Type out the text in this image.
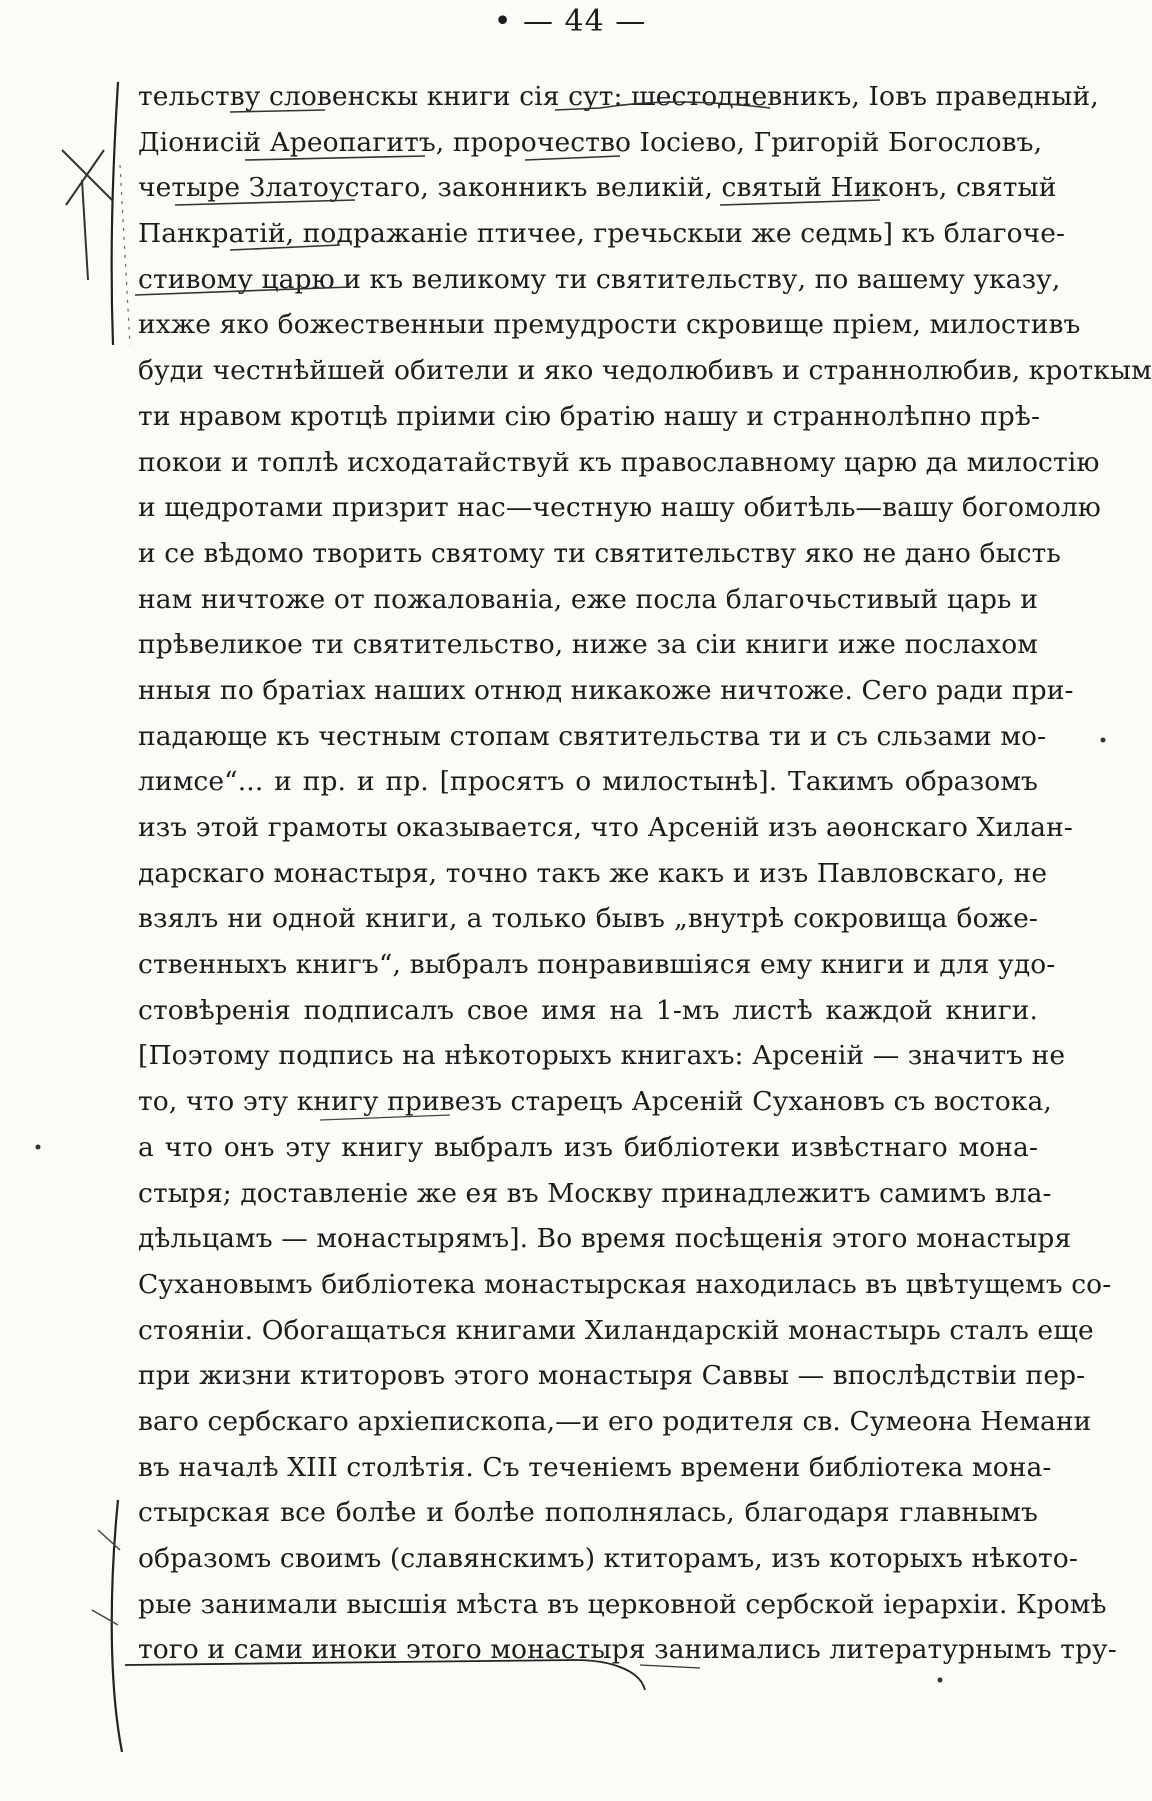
• — 44 —
тельству словенскы книги сія сут: шестодневникъ, Іовъ праведный,
Діонисій Ареопагитъ, пророчество Іосіево, Григорій Богословъ,
четыре Златоустаго, законникъ великій, святый Никонъ, святый
Панкратій, подражаніе птичее, гречьскыи же седмь] къ благоче-
стивому царю и къ великому ти святительству, по вашему указу,
ихже яко божественныи премудрости скровище пріем, милостивъ
буди честнѣйшей обители и яко чедолюбивъ и страннолюбив, кроткым
ти нравом кротцѣ пріими сію братію нашу и страннолѣпно прѣ-
покои и топлѣ исходатайствуй къ православному царю да милостію
и щедротами призрит нас—честную нашу обитѣль—вашу богомолю
и се вѣдомо творить святому ти святительству яко не дано бысть
нам ничтоже от пожалованіа, еже посла благочьстивый царь и
прѣвеликое ти святительство, ниже за сіи книги иже послахом
нныя по братіах наших отнюд никакоже ничтоже. Сего ради при-
падающе къ честным стопам святительства ти и съ сльзами мо-
лимсе“... и пр. и пр. [просятъ о милостынѣ]. Такимъ образомъ
изъ этой грамоты оказывается, что Арсеній изъ аѳонскаго Хилан-
дарскаго монастыря, точно такъ же какъ и изъ Павловскаго, не
взялъ ни одной книги, а только бывъ „внутрѣ сокровища боже-
ственныхъ книгъ“, выбралъ понравившіяся ему книги и для удо-
стовѣренія подписалъ свое имя на 1-мъ листѣ каждой книги.
[Поэтому подпись на нѣкоторыхъ книгахъ: Арсеній — значитъ не
то, что эту книгу привезъ старецъ Арсеній Сухановъ съ востока,
а что онъ эту книгу выбралъ изъ библіотеки извѣстнаго мона-
стыря; доставленіе же ея въ Москву принадлежитъ самимъ вла-
дѣльцамъ — монастырямъ]. Во время посѣщенія этого монастыря
Сухановымъ библіотека монастырская находилась въ цвѣтущемъ со-
стояніи. Обогащаться книгами Хиландарскій монастырь сталъ еще
при жизни ктиторовъ этого монастыря Саввы — впослѣдствіи пер-
ваго сербскаго архіепископа,—и его родителя св. Сумеона Немани
въ началѣ XIII столѣтія. Съ теченіемъ времени библіотека мона-
стырская все болѣе и болѣе пополнялась, благодаря главнымъ
образомъ своимъ (славянскимъ) ктиторамъ, изъ которыхъ нѣкото-
рые занимали высшія мѣста въ церковной сербской іерархіи. Кромѣ
того и сами иноки этого монастыря занимались литературнымъ тру-
